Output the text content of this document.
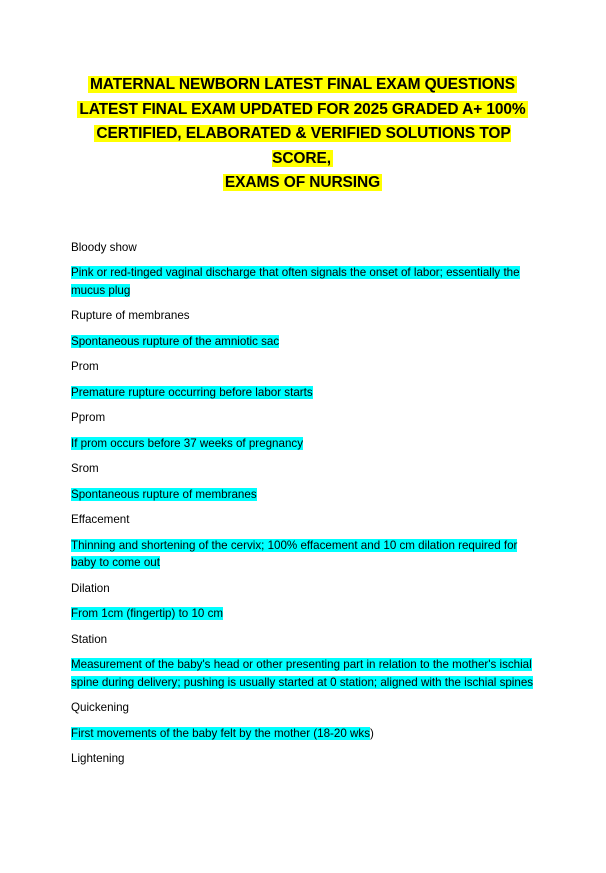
MATERNAL NEWBORN LATEST FINAL EXAM QUESTIONS
LATEST FINAL EXAM UPDATED FOR 2025 GRADED A+ 100%
CERTIFIED, ELABORATED & VERIFIED SOLUTIONS TOP SCORE,
EXAMS OF NURSING

Bloody show

Pink or red-tinged vaginal discharge that often signals the onset of labor; essentially the mucus plug

Rupture of membranes

Spontaneous rupture of the amniotic sac

Prom

Premature rupture occurring before labor starts

Pprom

If prom occurs before 37 weeks of pregnancy

Srom

Spontaneous rupture of membranes

Effacement

Thinning and shortening of the cervix; 100% effacement and 10 cm dilation required for baby to come out

Dilation

From 1cm (fingertip) to 10 cm

Station

Measurement of the baby's head or other presenting part in relation to the mother's ischial spine during delivery; pushing is usually started at 0 station; aligned with the ischial spines

Quickening

First movements of the baby felt by the mother (18-20 wks)

Lightening
